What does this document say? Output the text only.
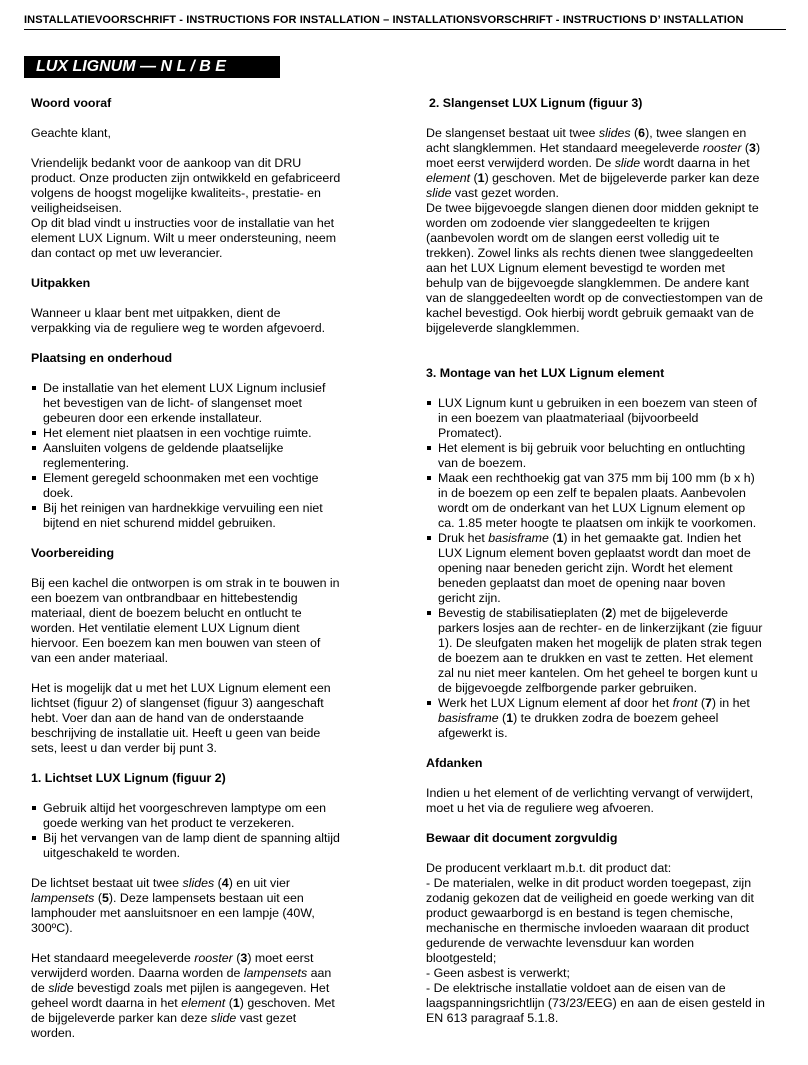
INSTALLATIEVOORSCHRIFT - INSTRUCTIONS FOR INSTALLATION – INSTALLATIONSVORSCHRIFT - INSTRUCTIONS D’ INSTALLATION
LUX LIGNUM — N L / B E
Woord vooraf

Geachte klant,

Vriendelijk bedankt voor de aankoop van dit DRU

product. Onze producten zijn ontwikkeld en gefabriceerd

volgens de hoogst mogelijke kwaliteits-, prestatie- en

veiligheidseisen.

Op dit blad vindt u instructies voor de installatie van het

element LUX Lignum. Wilt u meer ondersteuning, neem

dan contact op met uw leverancier.

Uitpakken

Wanneer u klaar bent met uitpakken, dient de

verpakking via de reguliere weg te worden afgevoerd.

Plaatsing en onderhoud

De installatie van het element LUX Lignum inclusief

het bevestigen van de licht- of slangenset moet

gebeuren door een erkende installateur.

Het element niet plaatsen in een vochtige ruimte.

Aansluiten volgens de geldende plaatselijke

reglementering.

Element geregeld schoonmaken met een vochtige

doek.

Bij het reinigen van hardnekkige vervuiling een niet

bijtend en niet schurend middel gebruiken.

Voorbereiding

Bij een kachel die ontworpen is om strak in te bouwen in

een boezem van ontbrandbaar en hittebestendig

materiaal, dient de boezem belucht en ontlucht te

worden. Het ventilatie element LUX Lignum dient

hiervoor. Een boezem kan men bouwen van steen of

van een ander materiaal.

Het is mogelijk dat u met het LUX Lignum element een

lichtset (figuur 2) of slangenset (figuur 3) aangeschaft

hebt. Voer dan aan de hand van de onderstaande

beschrijving de installatie uit. Heeft u geen van beide

sets, leest u dan verder bij punt 3.

1. Lichtset LUX Lignum (figuur 2)

Gebruik altijd het voorgeschreven lamptype om een

goede werking van het product te verzekeren.

Bij het vervangen van de lamp dient de spanning altijd

uitgeschakeld te worden.

De lichtset bestaat uit twee slides (4) en uit vier

lampensets (5). Deze lampensets bestaan uit een

lamphouder met aansluitsnoer en een lampje (40W,

300ºC).

Het standaard meegeleverde rooster (3) moet eerst

verwijderd worden. Daarna worden de lampensets aan

de slide bevestigd zoals met pijlen is aangegeven. Het

geheel wordt daarna in het element (1) geschoven. Met

de bijgeleverde parker kan deze slide vast gezet

worden.

2. Slangenset LUX Lignum (figuur 3)

De slangenset bestaat uit twee slides (6), twee slangen en

acht slangklemmen. Het standaard meegeleverde rooster (3)

moet eerst verwijderd worden. De slide wordt daarna in het

element (1) geschoven. Met de bijgeleverde parker kan deze

slide vast gezet worden.

De twee bijgevoegde slangen dienen door midden geknipt te

worden om zodoende vier slanggedeelten te krijgen

(aanbevolen wordt om de slangen eerst volledig uit te

trekken). Zowel links als rechts dienen twee slanggedeelten

aan het LUX Lignum element bevestigd te worden met

behulp van de bijgevoegde slangklemmen. De andere kant

van de slanggedeelten wordt op de convectiestompen van de

kachel bevestigd. Ook hierbij wordt gebruik gemaakt van de

bijgeleverde slangklemmen.

3. Montage van het LUX Lignum element

LUX Lignum kunt u gebruiken in een boezem van steen of

in een boezem van plaatmateriaal (bijvoorbeeld

Promatect).

Het element is bij gebruik voor beluchting en ontluchting

van de boezem.

Maak een rechthoekig gat van 375 mm bij 100 mm (b x h)

in de boezem op een zelf te bepalen plaats. Aanbevolen

wordt om de onderkant van het LUX Lignum element op

ca. 1.85 meter hoogte te plaatsen om inkijk te voorkomen.

Druk het basisframe (1) in het gemaakte gat. Indien het

LUX Lignum element boven geplaatst wordt dan moet de

opening naar beneden gericht zijn. Wordt het element

beneden geplaatst dan moet de opening naar boven

gericht zijn.

Bevestig de stabilisatieplaten (2) met de bijgeleverde

parkers losjes aan de rechter- en de linkerzijkant (zie figuur

1). De sleufgaten maken het mogelijk de platen strak tegen

de boezem aan te drukken en vast te zetten. Het element

zal nu niet meer kantelen. Om het geheel te borgen kunt u

de bijgevoegde zelfborgende parker gebruiken.

Werk het LUX Lignum element af door het front (7) in het

basisframe (1) te drukken zodra de boezem geheel

afgewerkt is.

Afdanken

Indien u het element of de verlichting vervangt of verwijdert,

moet u het via de reguliere weg afvoeren.

Bewaar dit document zorgvuldig

De producent verklaart m.b.t. dit product dat:

- De materialen, welke in dit product worden toegepast, zijn

zodanig gekozen dat de veiligheid en goede werking van dit

product gewaarborgd is en bestand is tegen chemische,

mechanische en thermische invloeden waaraan dit product

gedurende de verwachte levensduur kan worden

blootgesteld;

- Geen asbest is verwerkt;

- De elektrische installatie voldoet aan de eisen van de

laagspanningsrichtlijn (73/23/EEG) en aan de eisen gesteld in

EN 613 paragraaf 5.1.8.
